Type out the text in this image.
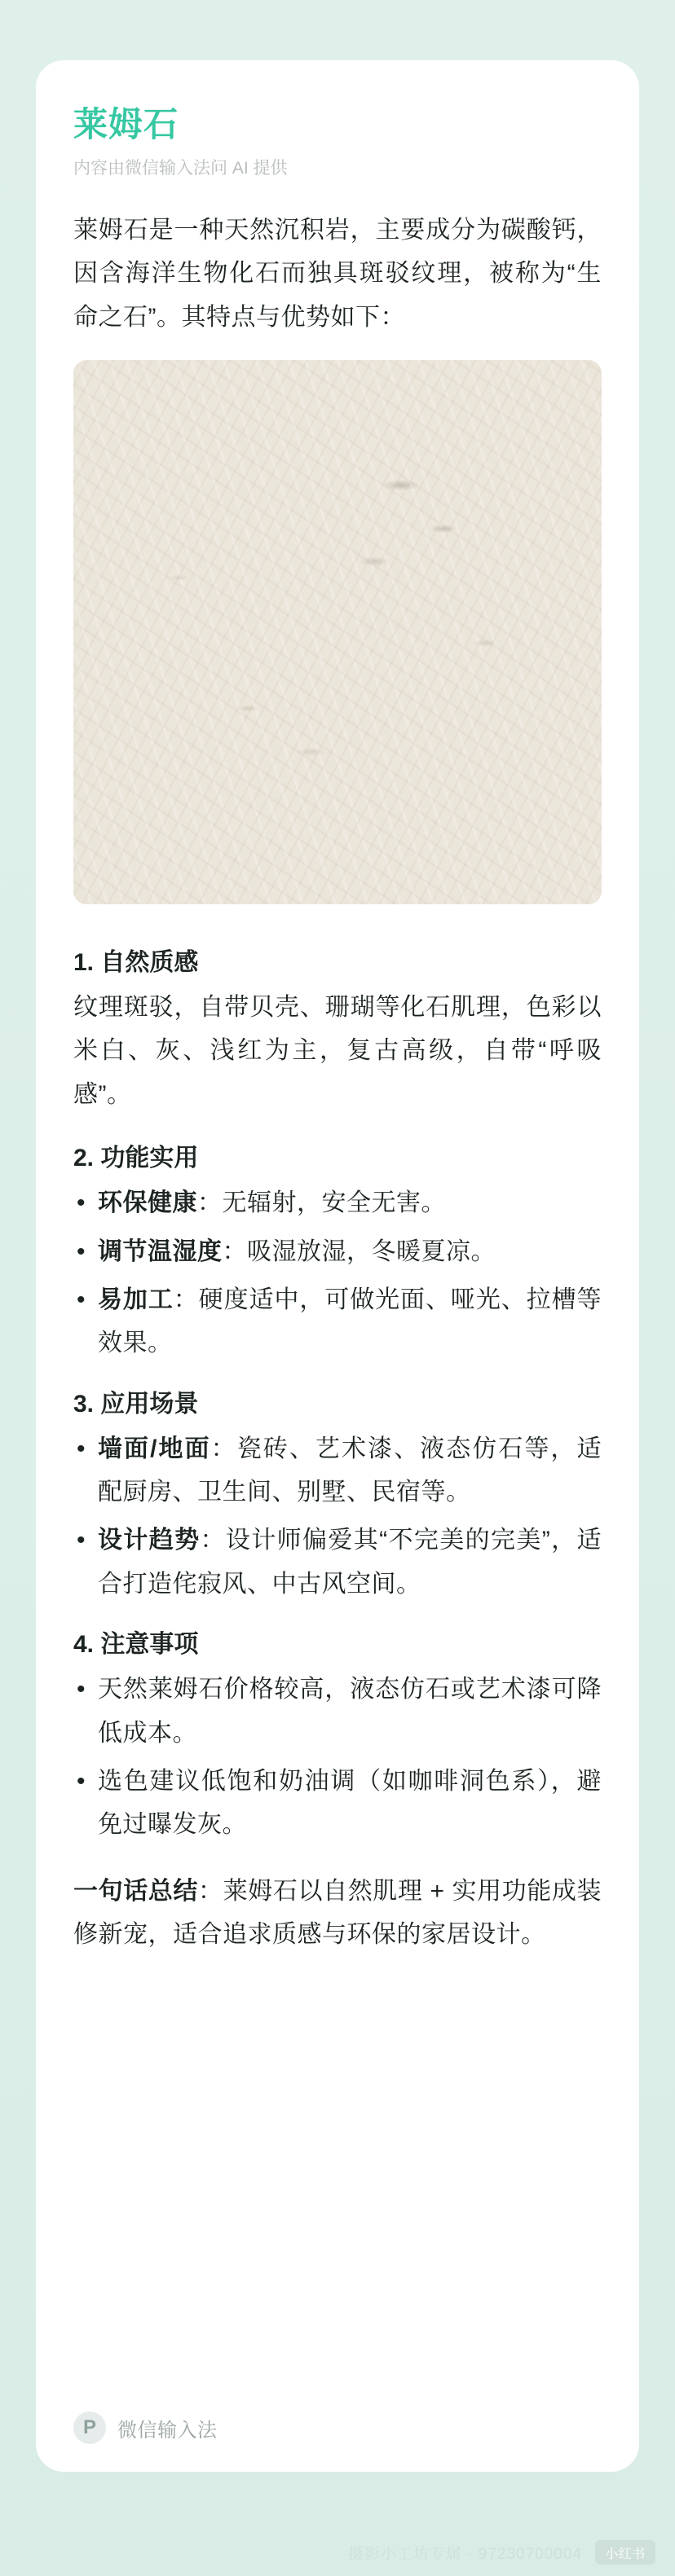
莱姆石
内容由微信输入法问 AI 提供

莱姆石是一种天然沉积岩，主要成分为碳酸钙，因含海洋生物化石而独具斑驳纹理，被称为“生命之石”。其特点与优势如下：

1. 自然质感

纹理斑驳，自带贝壳、珊瑚等化石肌理，色彩以米白、灰、浅红为主，复古高级，自带“呼吸感”。

2. 功能实用

• 环保健康：无辐射，安全无害。

• 调节温湿度：吸湿放湿，冬暖夏凉。

• 易加工：硬度适中，可做光面、哑光、拉槽等效果。

3. 应用场景

• 墙面/地面：瓷砖、艺术漆、液态仿石等，适配厨房、卫生间、别墅、民宿等。

• 设计趋势：设计师偏爱其“不完美的完美”，适合打造侘寂风、中古风空间。

4. 注意事项

• 天然莱姆石价格较高，液态仿石或艺术漆可降低成本。

• 选色建议低饱和奶油调（如咖啡洞色系），避免过曝发灰。

一句话总结：莱姆石以自然肌理 + 实用功能成装修新宠，适合追求质感与环保的家居设计。

P	微信输入法
摄影小工坊专属 · 97230700004	小红书
